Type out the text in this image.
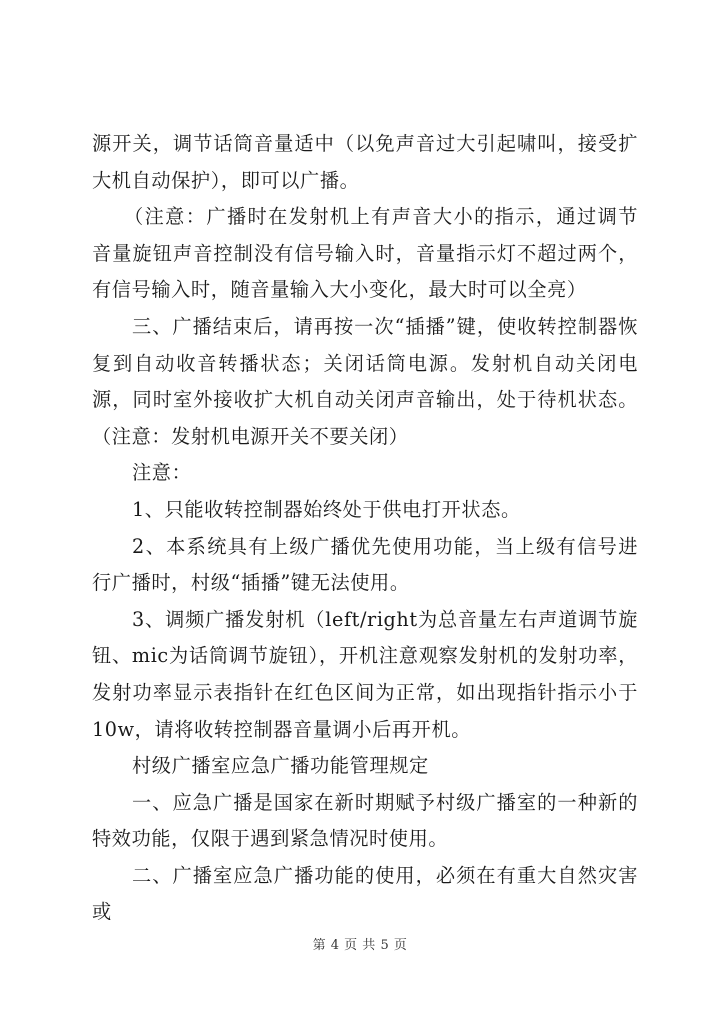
源开关，调节话筒音量适中（以免声音过大引起啸叫，接受扩大机自动保护），即可以广播。

（注意：广播时在发射机上有声音大小的指示，通过调节音量旋钮声音控制没有信号输入时，音量指示灯不超过两个，有信号输入时，随音量输入大小变化，最大时可以全亮）

三、广播结束后，请再按一次“插播”键，使收转控制器恢复到自动收音转播状态；关闭话筒电源。发射机自动关闭电源，同时室外接收扩大机自动关闭声音输出，处于待机状态。（注意：发射机电源开关不要关闭）

注意：

1、只能收转控制器始终处于供电打开状态。

2、本系统具有上级广播优先使用功能，当上级有信号进行广播时，村级“插播”键无法使用。

3、调频广播发射机（left/right为总音量左右声道调节旋钮、mic为话筒调节旋钮），开机注意观察发射机的发射功率，发射功率显示表指针在红色区间为正常，如出现指针指示小于10w，请将收转控制器音量调小后再开机。

村级广播室应急广播功能管理规定

一、应急广播是国家在新时期赋予村级广播室的一种新的特效功能，仅限于遇到紧急情况时使用。

二、广播室应急广播功能的使用，必须在有重大自然灾害或

第 4 页 共 5 页
